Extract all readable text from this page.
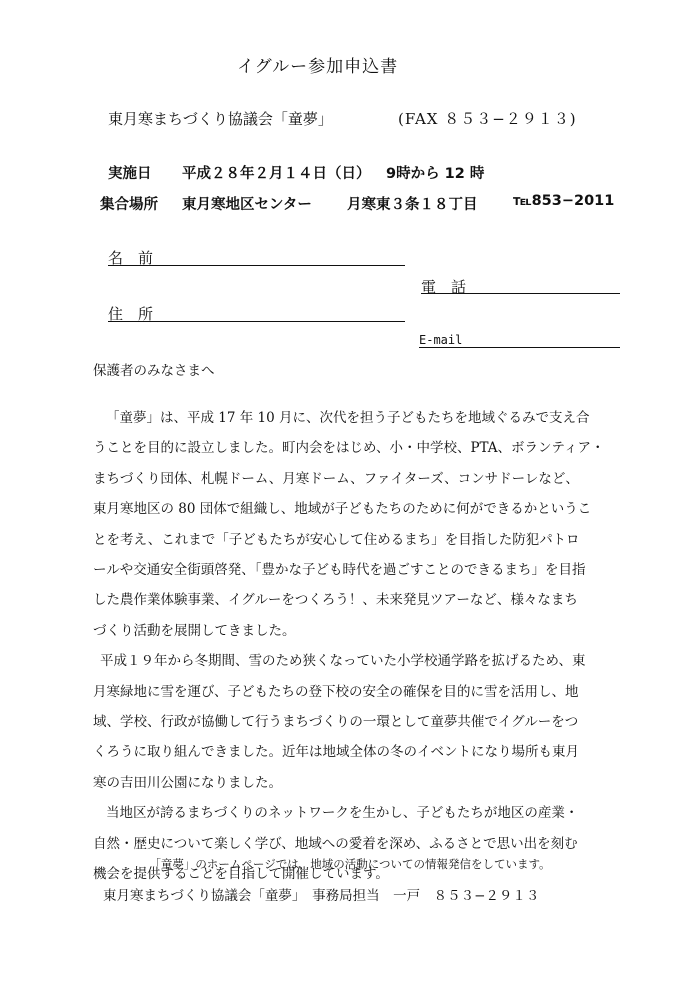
イグルー参加申込書
東月寒まちづくり協議会「童夢」	(FAX ８５３−２９１３)
実施日 平成２８年２月１４日（日） 9時から 12 時
集合場所 東月寒地区センター 月寒東３条１８丁目 ℡853−2011
名　前
電　話
住　所
E-mail
保護者のみなさまへ

「童夢」は、平成 17 年 10 月に、次代を担う子どもたちを地域ぐるみで支え合

うことを目的に設立しました。町内会をはじめ、小・中学校、PTA、ボランティア・

まちづくり団体、札幌ドーム、月寒ドーム、ファイターズ、コンサドーレなど、

東月寒地区の 80 団体で組織し、地域が子どもたちのために何ができるかというこ

とを考え、これまで「子どもたちが安心して住めるまち」を目指した防犯パトロ

ールや交通安全街頭啓発、「豊かな子ども時代を過ごすことのできるまち」を目指

した農作業体験事業、イグルーをつくろう！、未来発見ツアーなど、様々なまち

づくり活動を展開してきました。

平成１９年から冬期間、雪のため狭くなっていた小学校通学路を拡げるため、東

月寒緑地に雪を運び、子どもたちの登下校の安全の確保を目的に雪を活用し、地

域、学校、行政が協働して行うまちづくりの一環として童夢共催でイグルーをつ

くろうに取り組んできました。近年は地域全体の冬のイベントになり場所も東月

寒の吉田川公園になりました。

当地区が誇るまちづくりのネットワークを生かし、子どもたちが地区の産業・

自然・歴史について楽しく学び、地域への愛着を深め、ふるさとで思い出を刻む

機会を提供することを目指して開催しています。

「童夢」のホームページでは、地域の活動についての情報発信をしています。
東月寒まちづくり協議会「童夢」　事務局担当　一戸　８５３−２９１３
